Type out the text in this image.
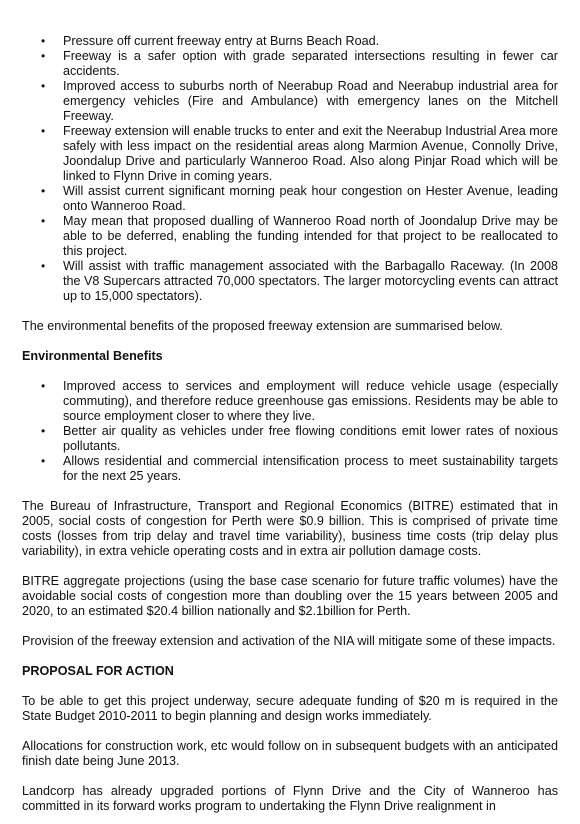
• Pressure off current freeway entry at Burns Beach Road.
• Freeway is a safer option with grade separated intersections resulting in fewer car accidents.
• Improved access to suburbs north of Neerabup Road and Neerabup industrial area for emergency vehicles (Fire and Ambulance) with emergency lanes on the Mitchell Freeway.
• Freeway extension will enable trucks to enter and exit the Neerabup Industrial Area more safely with less impact on the residential areas along Marmion Avenue, Connolly Drive, Joondalup Drive and particularly Wanneroo Road. Also along Pinjar Road which will be linked to Flynn Drive in coming years.
• Will assist current significant morning peak hour congestion on Hester Avenue, leading onto Wanneroo Road.
• May mean that proposed dualling of Wanneroo Road north of Joondalup Drive may be able to be deferred, enabling the funding intended for that project to be reallocated to this project.
• Will assist with traffic management associated with the Barbagallo Raceway. (In 2008 the V8 Supercars attracted 70,000 spectators. The larger motorcycling events can attract up to 15,000 spectators).

The environmental benefits of the proposed freeway extension are summarised below.

Environmental Benefits

• Improved access to services and employment will reduce vehicle usage (especially commuting), and therefore reduce greenhouse gas emissions. Residents may be able to source employment closer to where they live.
• Better air quality as vehicles under free flowing conditions emit lower rates of noxious pollutants.
• Allows residential and commercial intensification process to meet sustainability targets for the next 25 years.

The Bureau of Infrastructure, Transport and Regional Economics (BITRE) estimated that in 2005, social costs of congestion for Perth were $0.9 billion. This is comprised of private time costs (losses from trip delay and travel time variability), business time costs (trip delay plus variability), in extra vehicle operating costs and in extra air pollution damage costs.

BITRE aggregate projections (using the base case scenario for future traffic volumes) have the avoidable social costs of congestion more than doubling over the 15 years between 2005 and 2020, to an estimated $20.4 billion nationally and $2.1billion for Perth.

Provision of the freeway extension and activation of the NIA will mitigate some of these impacts.

PROPOSAL FOR ACTION

To be able to get this project underway, secure adequate funding of $20 m is required in the State Budget 2010-2011 to begin planning and design works immediately.

Allocations for construction work, etc would follow on in subsequent budgets with an anticipated finish date being June 2013.

Landcorp has already upgraded portions of Flynn Drive and the City of Wanneroo has committed in its forward works program to undertaking the Flynn Drive realignment in
